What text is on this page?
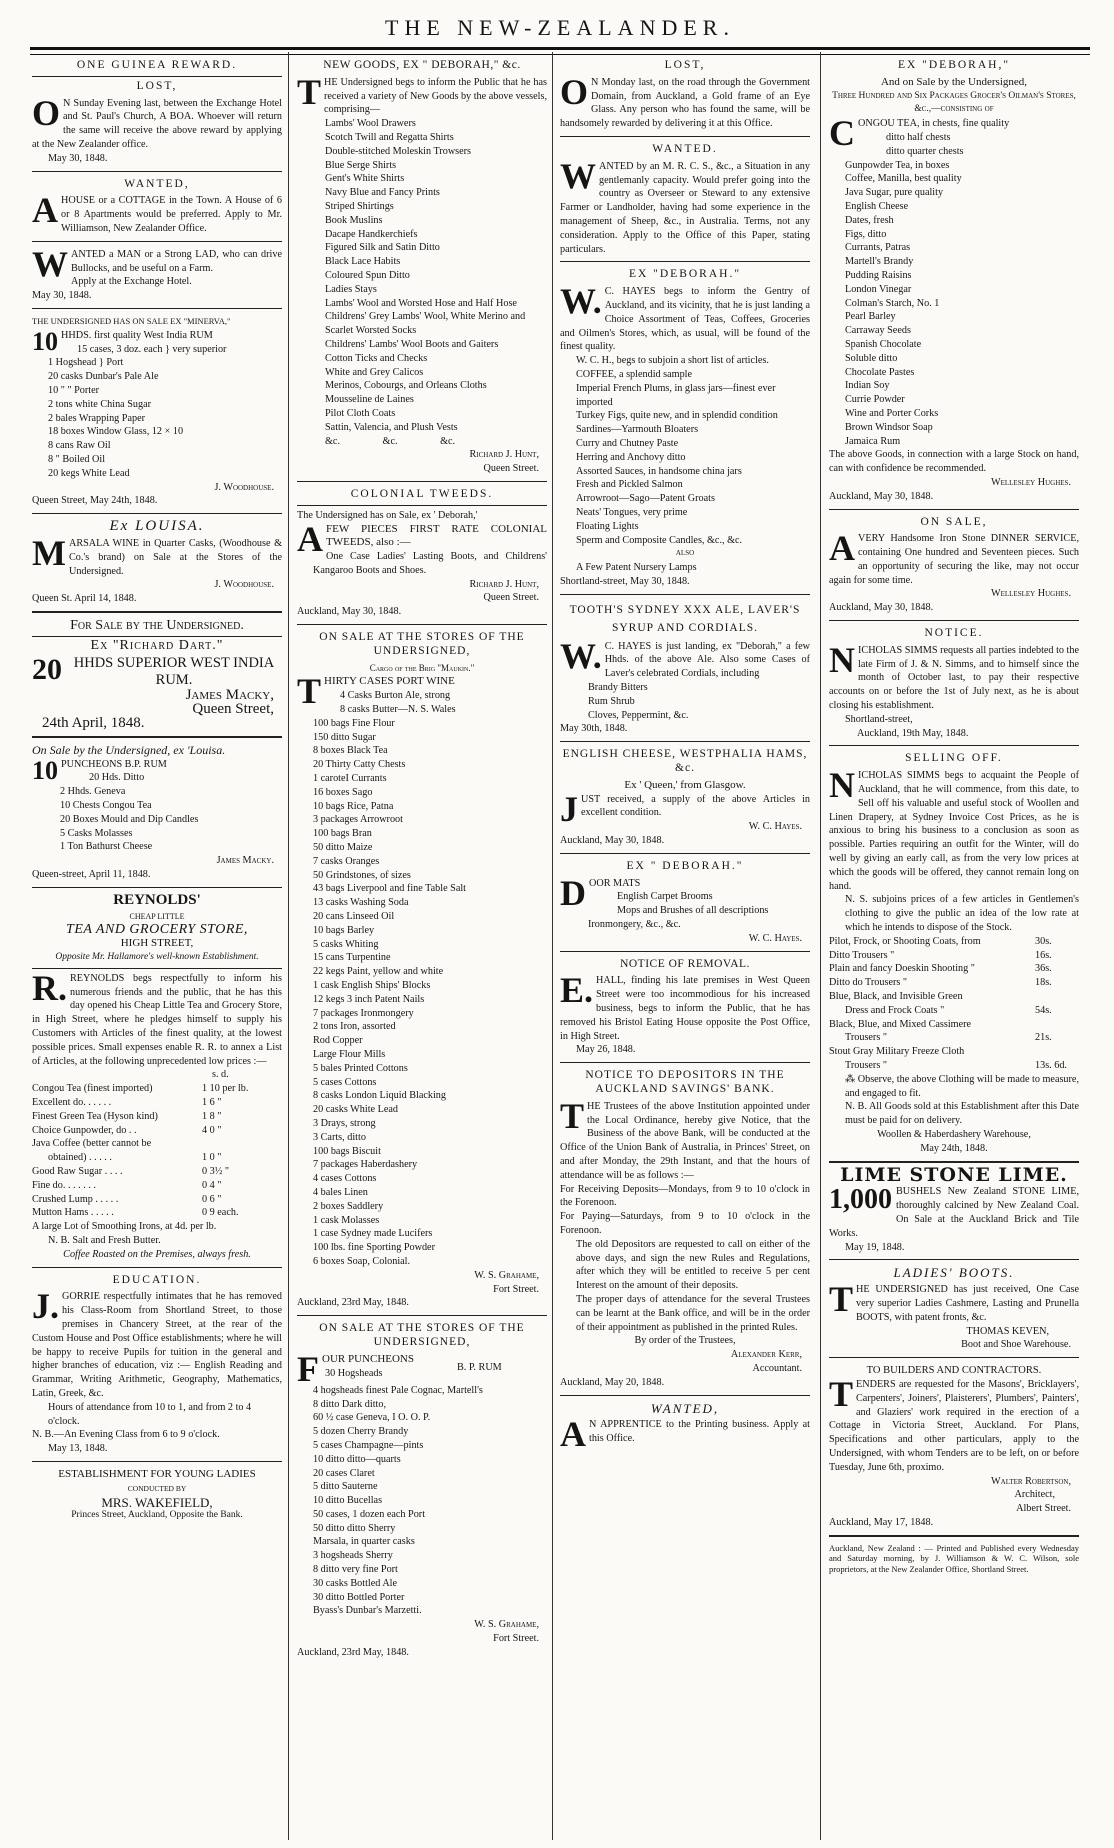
THE NEW-ZEALANDER.

ONE GUINEA REWARD.

LOST,

ON Sunday Evening last, between the Exchange Hotel and St. Paul's Church, A BOA. Whoever will return the same will receive the above reward by applying at the New Zealander office.

May 30, 1848.

WANTED,

AHOUSE or a COTTAGE in the Town. A House of 6 or 8 Apartments would be preferred. Apply to Mr. Williamson, New Zealander Office.

WANTED a MAN or a Strong LAD, who can drive Bullocks, and be useful on a Farm.

Apply at the Exchange Hotel.

May 30, 1848.

THE UNDERSIGNED HAS ON SALE EX "MINERVA,"

10 HHDS. first quality West India RUM

15 cases, 3 doz. each } very superior

1 Hogshead } Port

20 casks Dunbar's Pale Ale

10 " " Porter

2 tons white China Sugar

2 bales Wrapping Paper

18 boxes Window Glass, 12 × 10

8 cans Raw Oil

8 " Boiled Oil

20 kegs White Lead

J. Woodhouse.

Queen Street, May 24th, 1848.

Ex LOUISA.

MARSALA WINE in Quarter Casks, (Woodhouse & Co.'s brand) on Sale at the Stores of the Undersigned.

J. Woodhouse.

Queen St. April 14, 1848.

For Sale by the Undersigned.

Ex "Richard Dart."

20 HHDS SUPERIOR WEST INDIA RUM.

James Macky,

Queen Street,

24th April, 1848.

On Sale by the Undersigned, ex 'Louisa.

10 PUNCHEONS B.P. RUM

20 Hds. Ditto

2 Hhds. Geneva

10 Chests Congou Tea

20 Boxes Mould and Dip Candles

5 Casks Molasses

1 Ton Bathurst Cheese

James Macky.

Queen-street, April 11, 1848.

REYNOLDS'

CHEAP LITTLE

TEA AND GROCERY STORE,

HIGH STREET,

Opposite Mr. Hallamore's well-known Establishment.

R.REYNOLDS begs respectfully to inform his numerous friends and the public, that he has this day opened his Cheap Little Tea and Grocery Store, in High Street, where he pledges himself to supply his Customers with Articles of the finest quality, at the lowest possible prices. Small expenses enable R. R. to annex a List of Articles, at the following unprecedented low prices :—

s. d.

Congou Tea (finest imported)	1 10 per lb.
Excellent do. . . . . .	1 6 "
Finest Green Tea (Hyson kind)	1 8 "
Choice Gunpowder, do . .	4 0 "
Java Coffee (better cannot be
obtained) . . . . .	1 0 "
Good Raw Sugar . . . .	0 3½ "
Fine do. . . . . . .	0 4 "
Crushed Lump . . . . .	0 6 "
Mutton Hams . . . . .	0 9 each.

A large Lot of Smoothing Irons, at 4d. per lb.

N. B. Salt and Fresh Butter.

Coffee Roasted on the Premises, always fresh.

EDUCATION.

J.GORRIE respectfully intimates that he has removed his Class-Room from Shortland Street, to those premises in Chancery Street, at the rear of the Custom House and Post Office establishments; where he will be happy to receive Pupils for tuition in the general and higher branches of education, viz :— English Reading and Grammar, Writing Arithmetic, Geography, Mathematics, Latin, Greek, &c.

Hours of attendance from 10 to 1, and from 2 to 4 o'clock.

N. B.—An Evening Class from 6 to 9 o'clock.

May 13, 1848.

ESTABLISHMENT FOR YOUNG LADIES

CONDUCTED BY

MRS. WAKEFIELD,

Princes Street, Auckland, Opposite the Bank.

NEW GOODS, EX " DEBORAH," &c.

THE Undersigned begs to inform the Public that he has received a variety of New Goods by the above vessels, comprising—

Lambs' Wool Drawers

Scotch Twill and Regatta Shirts

Double-stitched Moleskin Trowsers

Blue Serge Shirts

Gent's White Shirts

Navy Blue and Fancy Prints

Striped Shirtings

Book Muslins

Dacape Handkerchiefs

Figured Silk and Satin Ditto

Black Lace Habits

Coloured Spun Ditto

Ladies Stays

Lambs' Wool and Worsted Hose and Half Hose

Childrens' Grey Lambs' Wool, White Merino and Scarlet Worsted Socks

Childrens' Lambs' Wool Boots and Gaiters

Cotton Ticks and Checks

White and Grey Calicos

Merinos, Cobourgs, and Orleans Cloths

Mousseline de Laines

Pilot Cloth Coats

Sattin, Valencia, and Plush Vests

&c. &c. &c.

Richard J. Hunt,

Queen Street.

COLONIAL TWEEDS.

The Undersigned has on Sale, ex ' Deborah,'

AFEW PIECES FIRST RATE COLONIAL TWEEDS, also :—

One Case Ladies' Lasting Boots, and Childrens' Kangaroo Boots and Shoes.

Richard J. Hunt,

Queen Street.

Auckland, May 30, 1848.

ON SALE AT THE STORES OF THE UNDERSIGNED,

Cargo of the Brig "Maukin."

THIRTY CASES PORT WINE

4 Casks Burton Ale, strong

8 casks Butter—N. S. Wales

100 bags Fine Flour

150 ditto Sugar

8 boxes Black Tea

20 Thirty Catty Chests

1 caroteI Currants

16 boxes Sago

10 bags Rice, Patna

3 packages Arrowroot

100 bags Bran

50 ditto Maize

7 casks Oranges

50 Grindstones, of sizes

43 bags Liverpool and fine Table Salt

13 casks Washing Soda

20 cans Linseed Oil

10 bags Barley

5 casks Whiting

15 cans Turpentine

22 kegs Paint, yellow and white

1 cask English Ships' Blocks

12 kegs 3 inch Patent Nails

7 packages Ironmongery

2 tons Iron, assorted

Rod Copper

Large Flour Mills

5 bales Printed Cottons

5 cases Cottons

8 casks London Liquid Blacking

20 casks White Lead

3 Drays, strong

3 Carts, ditto

100 bags Biscuit

7 packages Haberdashery

4 cases Cottons

4 bales Linen

2 boxes Saddlery

1 cask Molasses

1 case Sydney made Lucifers

100 lbs. fine Sporting Powder

6 boxes Soap, Colonial.

W. S. Grahame,

Fort Street.

Auckland, 23rd May, 1848.

ON SALE AT THE STORES OF THE UNDERSIGNED,

FOUR PUNCHEONS

30 Hogsheads	B. P. RUM

4 hogsheads finest Pale Cognac, Martell's

8 ditto Dark ditto,

60 ½ case Geneva, I O. O. P.

5 dozen Cherry Brandy

5 cases Champagne—pints

10 ditto ditto—quarts

20 cases Claret

5 ditto Sauterne

10 ditto Bucellas

50 cases, 1 dozen each Port

50 ditto ditto Sherry

Marsala, in quarter casks

3 hogsheads Sherry

8 ditto very fine Port

30 casks Bottled Ale

30 ditto Bottled Porter

Byass's Dunbar's Marzetti.

W. S. Grahame,

Fort Street.

Auckland, 23rd May, 1848.

LOST,

ON Monday last, on the road through the Government Domain, from Auckland, a Gold frame of an Eye Glass. Any person who has found the same, will be handsomely rewarded by delivering it at this Office.

WANTED.

WANTED by an M. R. C. S., &c., a Situation in any gentlemanly capacity. Would prefer going into the country as Overseer or Steward to any extensive Farmer or Landholder, having had some experience in the management of Sheep, &c., in Australia. Terms, not any consideration. Apply to the Office of this Paper, stating particulars.

EX "DEBORAH."

W.C. HAYES begs to inform the Gentry of Auckland, and its vicinity, that he is just landing a Choice Assortment of Teas, Coffees, Groceries and Oilmen's Stores, which, as usual, will be found of the finest quality.

W. C. H., begs to subjoin a short list of articles.

COFFEE, a splendid sample

Imperial French Plums, in glass jars—finest ever imported

Turkey Figs, quite new, and in splendid condition

Sardines—Yarmouth Bloaters

Curry and Chutney Paste

Herring and Anchovy ditto

Assorted Sauces, in handsome china jars

Fresh and Pickled Salmon

Arrowroot—Sago—Patent Groats

Neats' Tongues, very prime

Floating Lights

Sperm and Composite Candles, &c., &c.

ALSO

A Few Patent Nursery Lamps

Shortland-street, May 30, 1848.

TOOTH'S SYDNEY XXX ALE, LAVER'S SYRUP AND CORDIALS.

W.C. HAYES is just landing, ex "Deborah," a few Hhds. of the above Ale. Also some Cases of Laver's celebrated Cordials, including

Brandy Bitters

Rum Shrub

Cloves, Peppermint, &c.

May 30th, 1848.

ENGLISH CHEESE, WESTPHALIA HAMS, &c.

Ex ' Queen,' from Glasgow.

JUST received, a supply of the above Articles in excellent condition.

W. C. Hayes.

Auckland, May 30, 1848.

EX " DEBORAH."

DOOR MATS

English Carpet Brooms

Mops and Brushes of all descriptions

Ironmongery, &c., &c.

W. C. Hayes.

NOTICE OF REMOVAL.

E.HALL, finding his late premises in West Queen Street were too incommodious for his increased business, begs to inform the Public, that he has removed his Bristol Eating House opposite the Post Office, in High Street.

May 26, 1848.

NOTICE TO DEPOSITORS IN THE AUCKLAND SAVINGS' BANK.

THE Trustees of the above Institution appointed under the Local Ordinance, hereby give Notice, that the Business of the above Bank, will be conducted at the Office of the Union Bank of Australia, in Princes' Street, on and after Monday, the 29th Instant, and that the hours of attendance will be as follows :—

For Receiving Deposits—Mondays, from 9 to 10 o'clock in the Forenoon.

For Paying—Saturdays, from 9 to 10 o'clock in the Forenoon.

The old Depositors are requested to call on either of the above days, and sign the new Rules and Regulations, after which they will be entitled to receive 5 per cent Interest on the amount of their deposits.

The proper days of attendance for the several Trustees can be learnt at the Bank office, and will be in the order of their appointment as published in the printed Rules.

By order of the Trustees,

Alexander Kerr,

Accountant.

Auckland, May 20, 1848.

WANTED,

AN APPRENTICE to the Printing business. Apply at this Office.

EX "DEBORAH,"

And on Sale by the Undersigned,

Three Hundred and Six Packages Grocer's Oilman's Stores, &c.,—consisting of

CONGOU TEA, in chests, fine quality

ditto half chests

ditto quarter chests

Gunpowder Tea, in boxes

Coffee, Manilla, best quality

Java Sugar, pure quality

English Cheese

Dates, fresh

Figs, ditto

Currants, Patras

Martell's Brandy

Pudding Raisins

London Vinegar

Colman's Starch, No. 1

Pearl Barley

Carraway Seeds

Spanish Chocolate

Soluble ditto

Chocolate Pastes

Indian Soy

Currie Powder

Wine and Porter Corks

Brown Windsor Soap

Jamaica Rum

The above Goods, in connection with a large Stock on hand, can with confidence be recommended.

Wellesley Hughes.

Auckland, May 30, 1848.

ON SALE,

AVERY Handsome Iron Stone DINNER SERVICE, containing One hundred and Seventeen pieces. Such an opportunity of securing the like, may not occur again for some time.

Wellesley Hughes.

Auckland, May 30, 1848.

NOTICE.

NICHOLAS SIMMS requests all parties indebted to the late Firm of J. & N. Simms, and to himself since the month of October last, to pay their respective accounts on or before the 1st of July next, as he is about closing his establishment.

Shortland-street,

Auckland, 19th May, 1848.

SELLING OFF.

NICHOLAS SIMMS begs to acquaint the People of Auckland, that he will commence, from this date, to Sell off his valuable and useful stock of Woollen and Linen Drapery, at Sydney Invoice Cost Prices, as he is anxious to bring his business to a conclusion as soon as possible. Parties requiring an outfit for the Winter, will do well by giving an early call, as from the very low prices at which the goods will be offered, they cannot remain long on hand.

N. S. subjoins prices of a few articles in Gentlemen's clothing to give the public an idea of the low rate at which he intends to dispose of the Stock.

Pilot, Frock, or Shooting Coats, from	30s.
Ditto Trousers "	16s.
Plain and fancy Doeskin Shooting "	36s.
Ditto do Trousers "	18s.
Blue, Black, and Invisible Green
Dress and Frock Coats "	54s.
Black, Blue, and Mixed Cassimere
Trousers "	21s.
Stout Gray Military Freeze Cloth
Trousers "	13s. 6d.

⁂ Observe, the above Clothing will be made to measure, and engaged to fit.

N. B. All Goods sold at this Establishment after this Date must be paid for on delivery.

Woollen & Haberdashery Warehouse,

May 24th, 1848.

LIME STONE LIME.

1,000 BUSHELS New Zealand STONE LIME, thoroughly calcined by New Zealand Coal. On Sale at the Auckland Brick and Tile Works.

May 19, 1848.

LADIES' BOOTS.

THE UNDERSIGNED has just received, One Case very superior Ladies Cashmere, Lasting and Prunella BOOTS, with patent fronts, &c.

THOMAS KEVEN,

Boot and Shoe Warehouse.

TO BUILDERS AND CONTRACTORS.

TENDERS are requested for the Masons', Bricklayers', Carpenters', Joiners', Plaisterers', Plumbers', Painters', and Glaziers' work required in the erection of a Cottage in Victoria Street, Auckland. For Plans, Specifications and other particulars, apply to the Undersigned, with whom Tenders are to be left, on or before Tuesday, June 6th, proximo.

Walter Robertson,

Architect,

Albert Street.

Auckland, May 17, 1848.

Auckland, New Zealand : — Printed and Published every Wednesday and Saturday morning, by J. Williamson & W. C. Wilson, sole proprietors, at the New Zealander Office, Shortland Street.
